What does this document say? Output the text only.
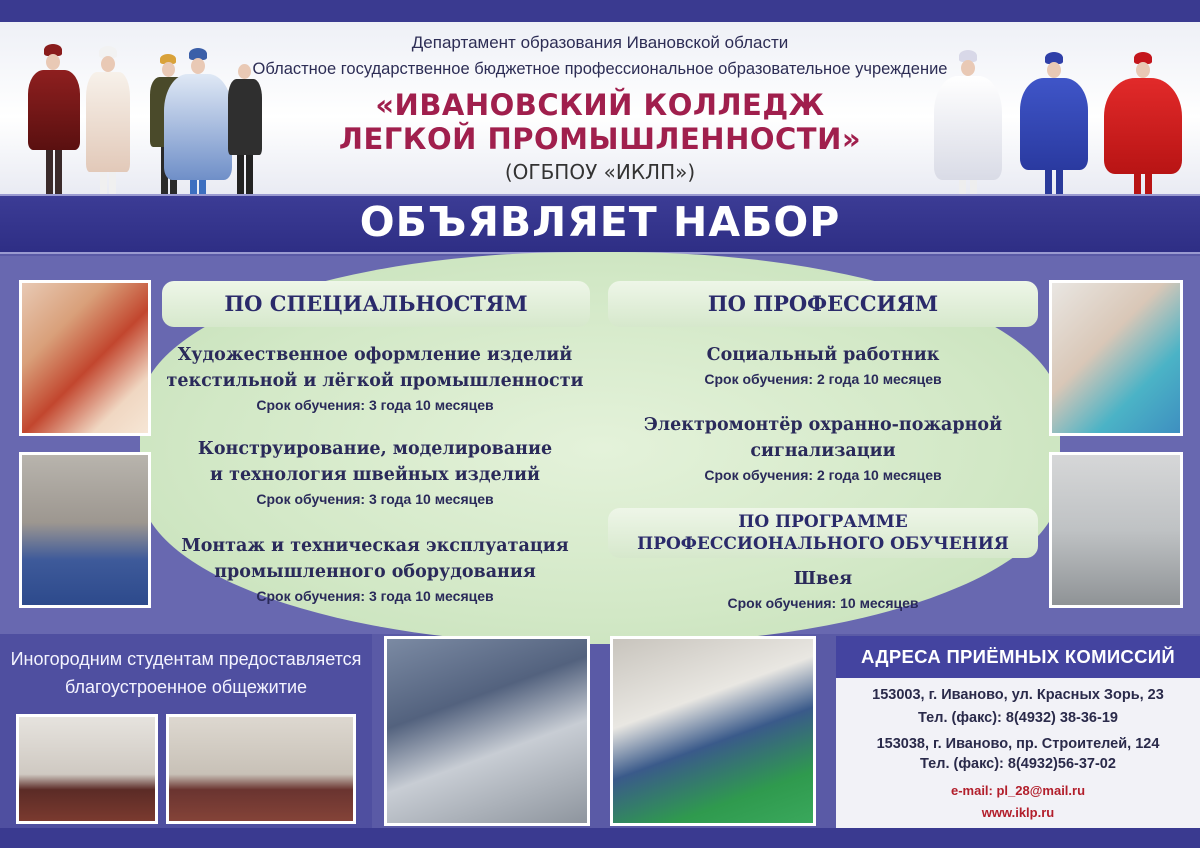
Департамент образования Ивановской области
Областное государственное бюджетное профессиональное образовательное учреждение
«ИВАНОВСКИЙ КОЛЛЕДЖ
ЛЕГКОЙ ПРОМЫШЛЕННОСТИ»
(ОГБПОУ «ИКЛП»)
ОБЪЯВЛЯЕТ НАБОР
ПО СПЕЦИАЛЬНОСТЯМ	ПО ПРОФЕССИЯМ
Художественное оформление изделий
текстильной и лёгкой промышленности
Срок обучения: 3 года 10 месяцев
Конструирование, моделирование
и технология швейных изделий
Срок обучения: 3 года 10 месяцев
Монтаж и техническая эксплуатация
промышленного оборудования
Срок обучения: 3 года 10 месяцев
Социальный работник
Срок обучения: 2 года 10 месяцев
Электромонтёр охранно-пожарной
сигнализации
Срок обучения: 2 года 10 месяцев
ПО ПРОГРАММЕ
ПРОФЕССИОНАЛЬНОГО ОБУЧЕНИЯ
Швея
Срок обучения: 10 месяцев
Иногородним студентам предоставляется
благоустроенное общежитие
АДРЕСА ПРИЁМНЫХ КОМИССИЙ
153003, г. Иваново, ул. Красных Зорь, 23
Тел. (факс): 8(4932) 38-36-19
153038, г. Иваново, пр. Строителей, 124
Тел. (факс): 8(4932)56-37-02
e-mail: pl_28@mail.ru
www.iklp.ru
